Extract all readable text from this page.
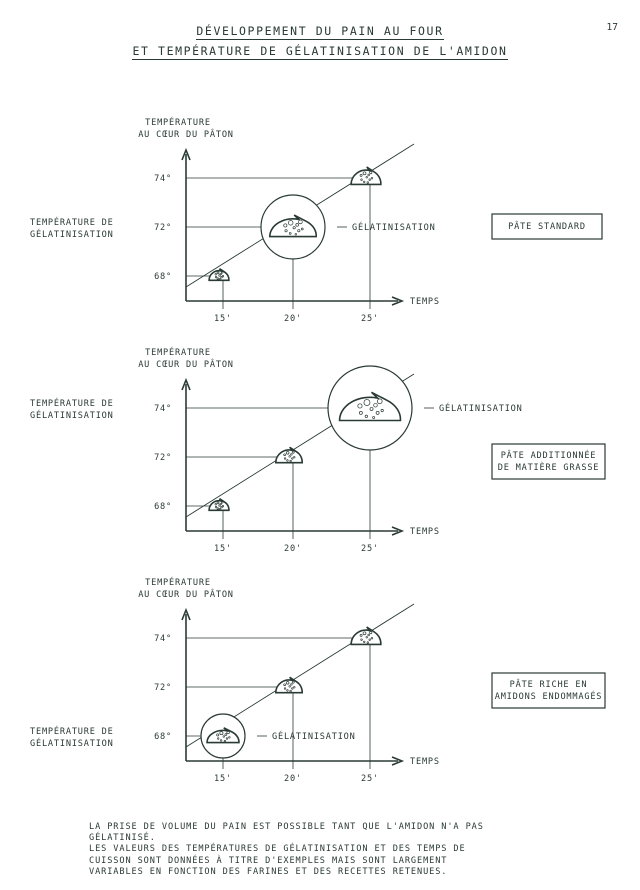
DÉVELOPPEMENT DU PAIN AU FOUR
ET TEMPÉRATURE DE GÉLATINISATION DE L'AMIDON
17
TEMPÉRATURE
AU CŒUR DU PÂTON
TEMPS
74°
72°
68°
15'	20'	25'
TEMPÉRATURE DE
GÉLATINISATION
GÉLATINISATION	PÂTE STANDARD
TEMPÉRATURE
AU CŒUR DU PÂTON
TEMPS
74°
72°
68°
15'	20'	25'
TEMPÉRATURE DE
GÉLATINISATION
GÉLATINISATION
PÂTE ADDITIONNÉE
DE MATIÈRE GRASSE
TEMPÉRATURE
AU CŒUR DU PÂTON
TEMPS
74°
72°
68°
15'	20'	25'
TEMPÉRATURE DE
GÉLATINISATION
GÉLATINISATION
PÂTE RICHE EN
AMIDONS ENDOMMAGÉS
LA PRISE DE VOLUME DU PAIN EST POSSIBLE TANT QUE L'AMIDON N'A PAS
GÉLATINISÉ.
LES VALEURS DES TEMPÉRATURES DE GÉLATINISATION ET DES TEMPS DE
CUISSON SONT DONNÉES À TITRE D'EXEMPLES MAIS SONT LARGEMENT
VARIABLES EN FONCTION DES FARINES ET DES RECETTES RETENUES.
